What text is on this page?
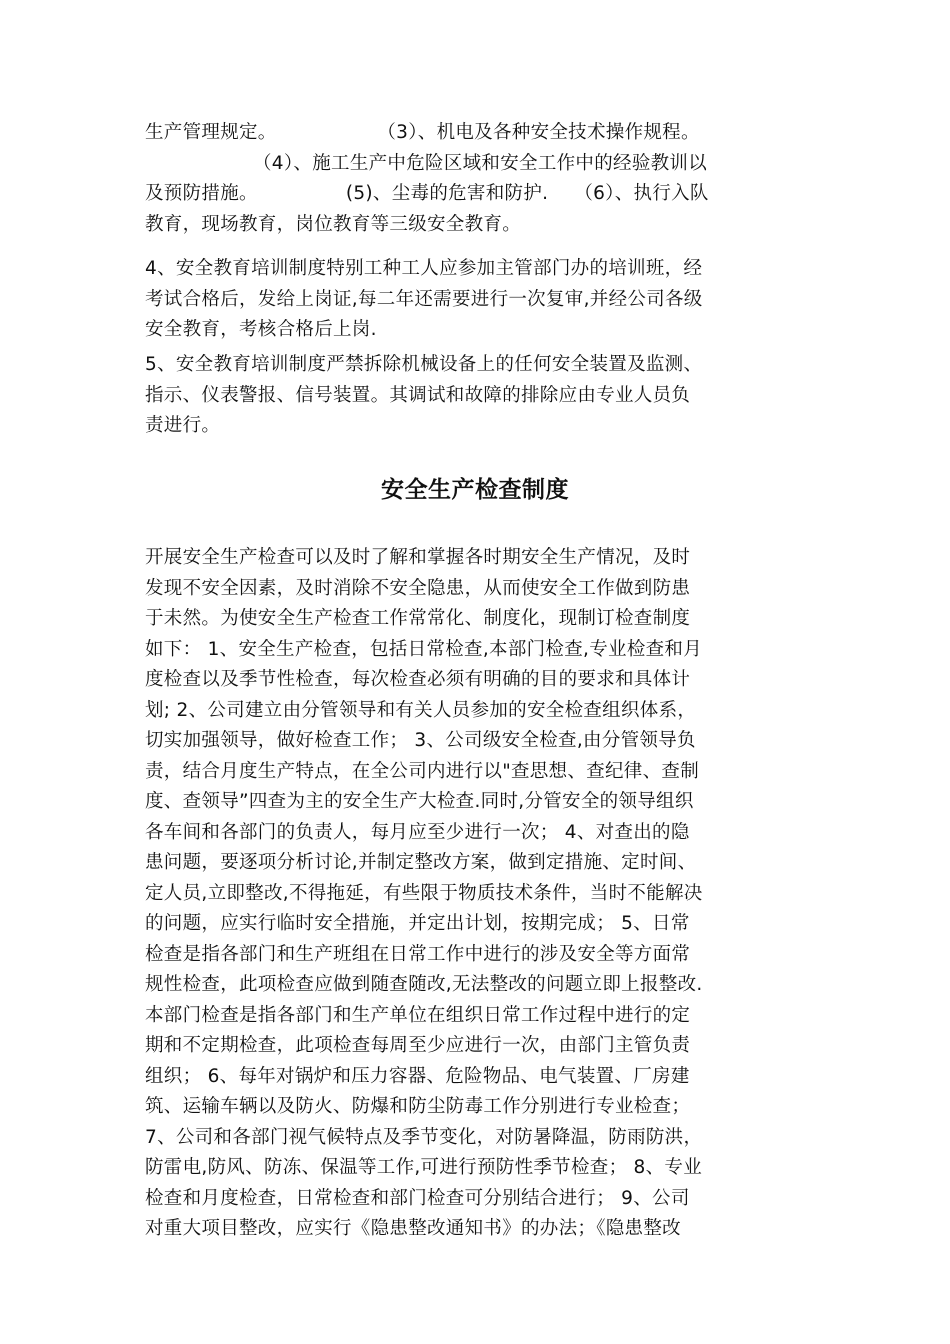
生产管理规定。	（3）、机电及各种安全技术操作规程。
（4）、施工生产中危险区域和安全工作中的经验教训以
及预防措施。	(5)、尘毒的危害和防护. （6）、执行入队
教育，现场教育，岗位教育等三级安全教育。
4、安全教育培训制度特别工种工人应参加主管部门办的培训班，经
考试合格后，发给上岗证,每二年还需要进行一次复审,并经公司各级
安全教育，考核合格后上岗.
5、安全教育培训制度严禁拆除机械设备上的任何安全装置及监测、
指示、仪表警报、信号装置。其调试和故障的排除应由专业人员负
责进行。
安全生产检查制度
开展安全生产检查可以及时了解和掌握各时期安全生产情况，及时
发现不安全因素，及时消除不安全隐患，从而使安全工作做到防患
于未然。为使安全生产检查工作常常化、制度化，现制订检查制度
如下： 1、安全生产检查，包括日常检查,本部门检查,专业检查和月
度检查以及季节性检查，每次检查必须有明确的目的要求和具体计
划; 2、公司建立由分管领导和有关人员参加的安全检查组织体系，
切实加强领导，做好检查工作； 3、公司级安全检查,由分管领导负
责，结合月度生产特点，在全公司内进行以"查思想、查纪律、查制
度、查领导”四查为主的安全生产大检查.同时,分管安全的领导组织
各车间和各部门的负责人，每月应至少进行一次； 4、对查出的隐
患问题，要逐项分析讨论,并制定整改方案，做到定措施、定时间、
定人员,立即整改,不得拖延，有些限于物质技术条件，当时不能解决
的问题，应实行临时安全措施，并定出计划，按期完成； 5、日常
检查是指各部门和生产班组在日常工作中进行的涉及安全等方面常
规性检查，此项检查应做到随查随改,无法整改的问题立即上报整改.
本部门检查是指各部门和生产单位在组织日常工作过程中进行的定
期和不定期检查，此项检查每周至少应进行一次，由部门主管负责
组织； 6、每年对锅炉和压力容器、危险物品、电气装置、厂房建
筑、运输车辆以及防火、防爆和防尘防毒工作分别进行专业检查；
7、公司和各部门视气候特点及季节变化，对防暑降温，防雨防洪，
防雷电,防风、防冻、保温等工作,可进行预防性季节检查； 8、专业
检查和月度检查，日常检查和部门检查可分别结合进行； 9、公司
对重大项目整改，应实行《隐患整改通知书》的办法；《隐患整改
